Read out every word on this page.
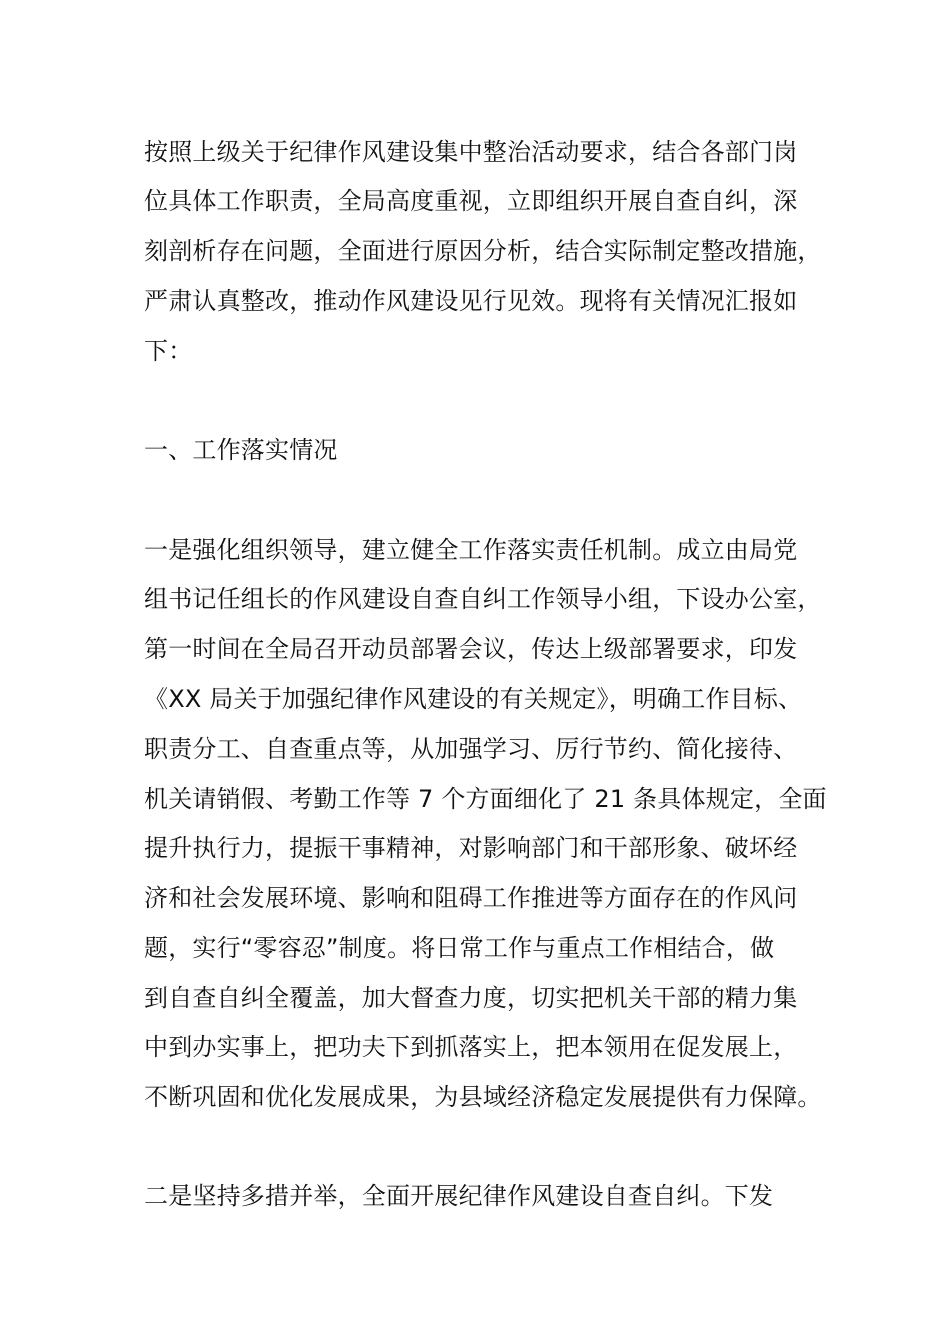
按照上级关于纪律作风建设集中整治活动要求，结合各部门岗
位具体工作职责，全局高度重视，立即组织开展自查自纠，深
刻剖析存在问题，全面进行原因分析，结合实际制定整改措施，
严肃认真整改，推动作风建设见行见效。现将有关情况汇报如
下：
一、工作落实情况
一是强化组织领导，建立健全工作落实责任机制。成立由局党
组书记任组长的作风建设自查自纠工作领导小组，下设办公室，
第一时间在全局召开动员部署会议，传达上级部署要求，印发
《XX 局关于加强纪律作风建设的有关规定》，明确工作目标、
职责分工、自查重点等，从加强学习、厉行节约、简化接待、
机关请销假、考勤工作等 7 个方面细化了 21 条具体规定，全面
提升执行力，提振干事精神，对影响部门和干部形象、破坏经
济和社会发展环境、影响和阻碍工作推进等方面存在的作风问
题，实行“零容忍”制度。将日常工作与重点工作相结合，做
到自查自纠全覆盖，加大督查力度，切实把机关干部的精力集
中到办实事上，把功夫下到抓落实上，把本领用在促发展上，
不断巩固和优化发展成果，为县域经济稳定发展提供有力保障。
二是坚持多措并举，全面开展纪律作风建设自查自纠。下发
